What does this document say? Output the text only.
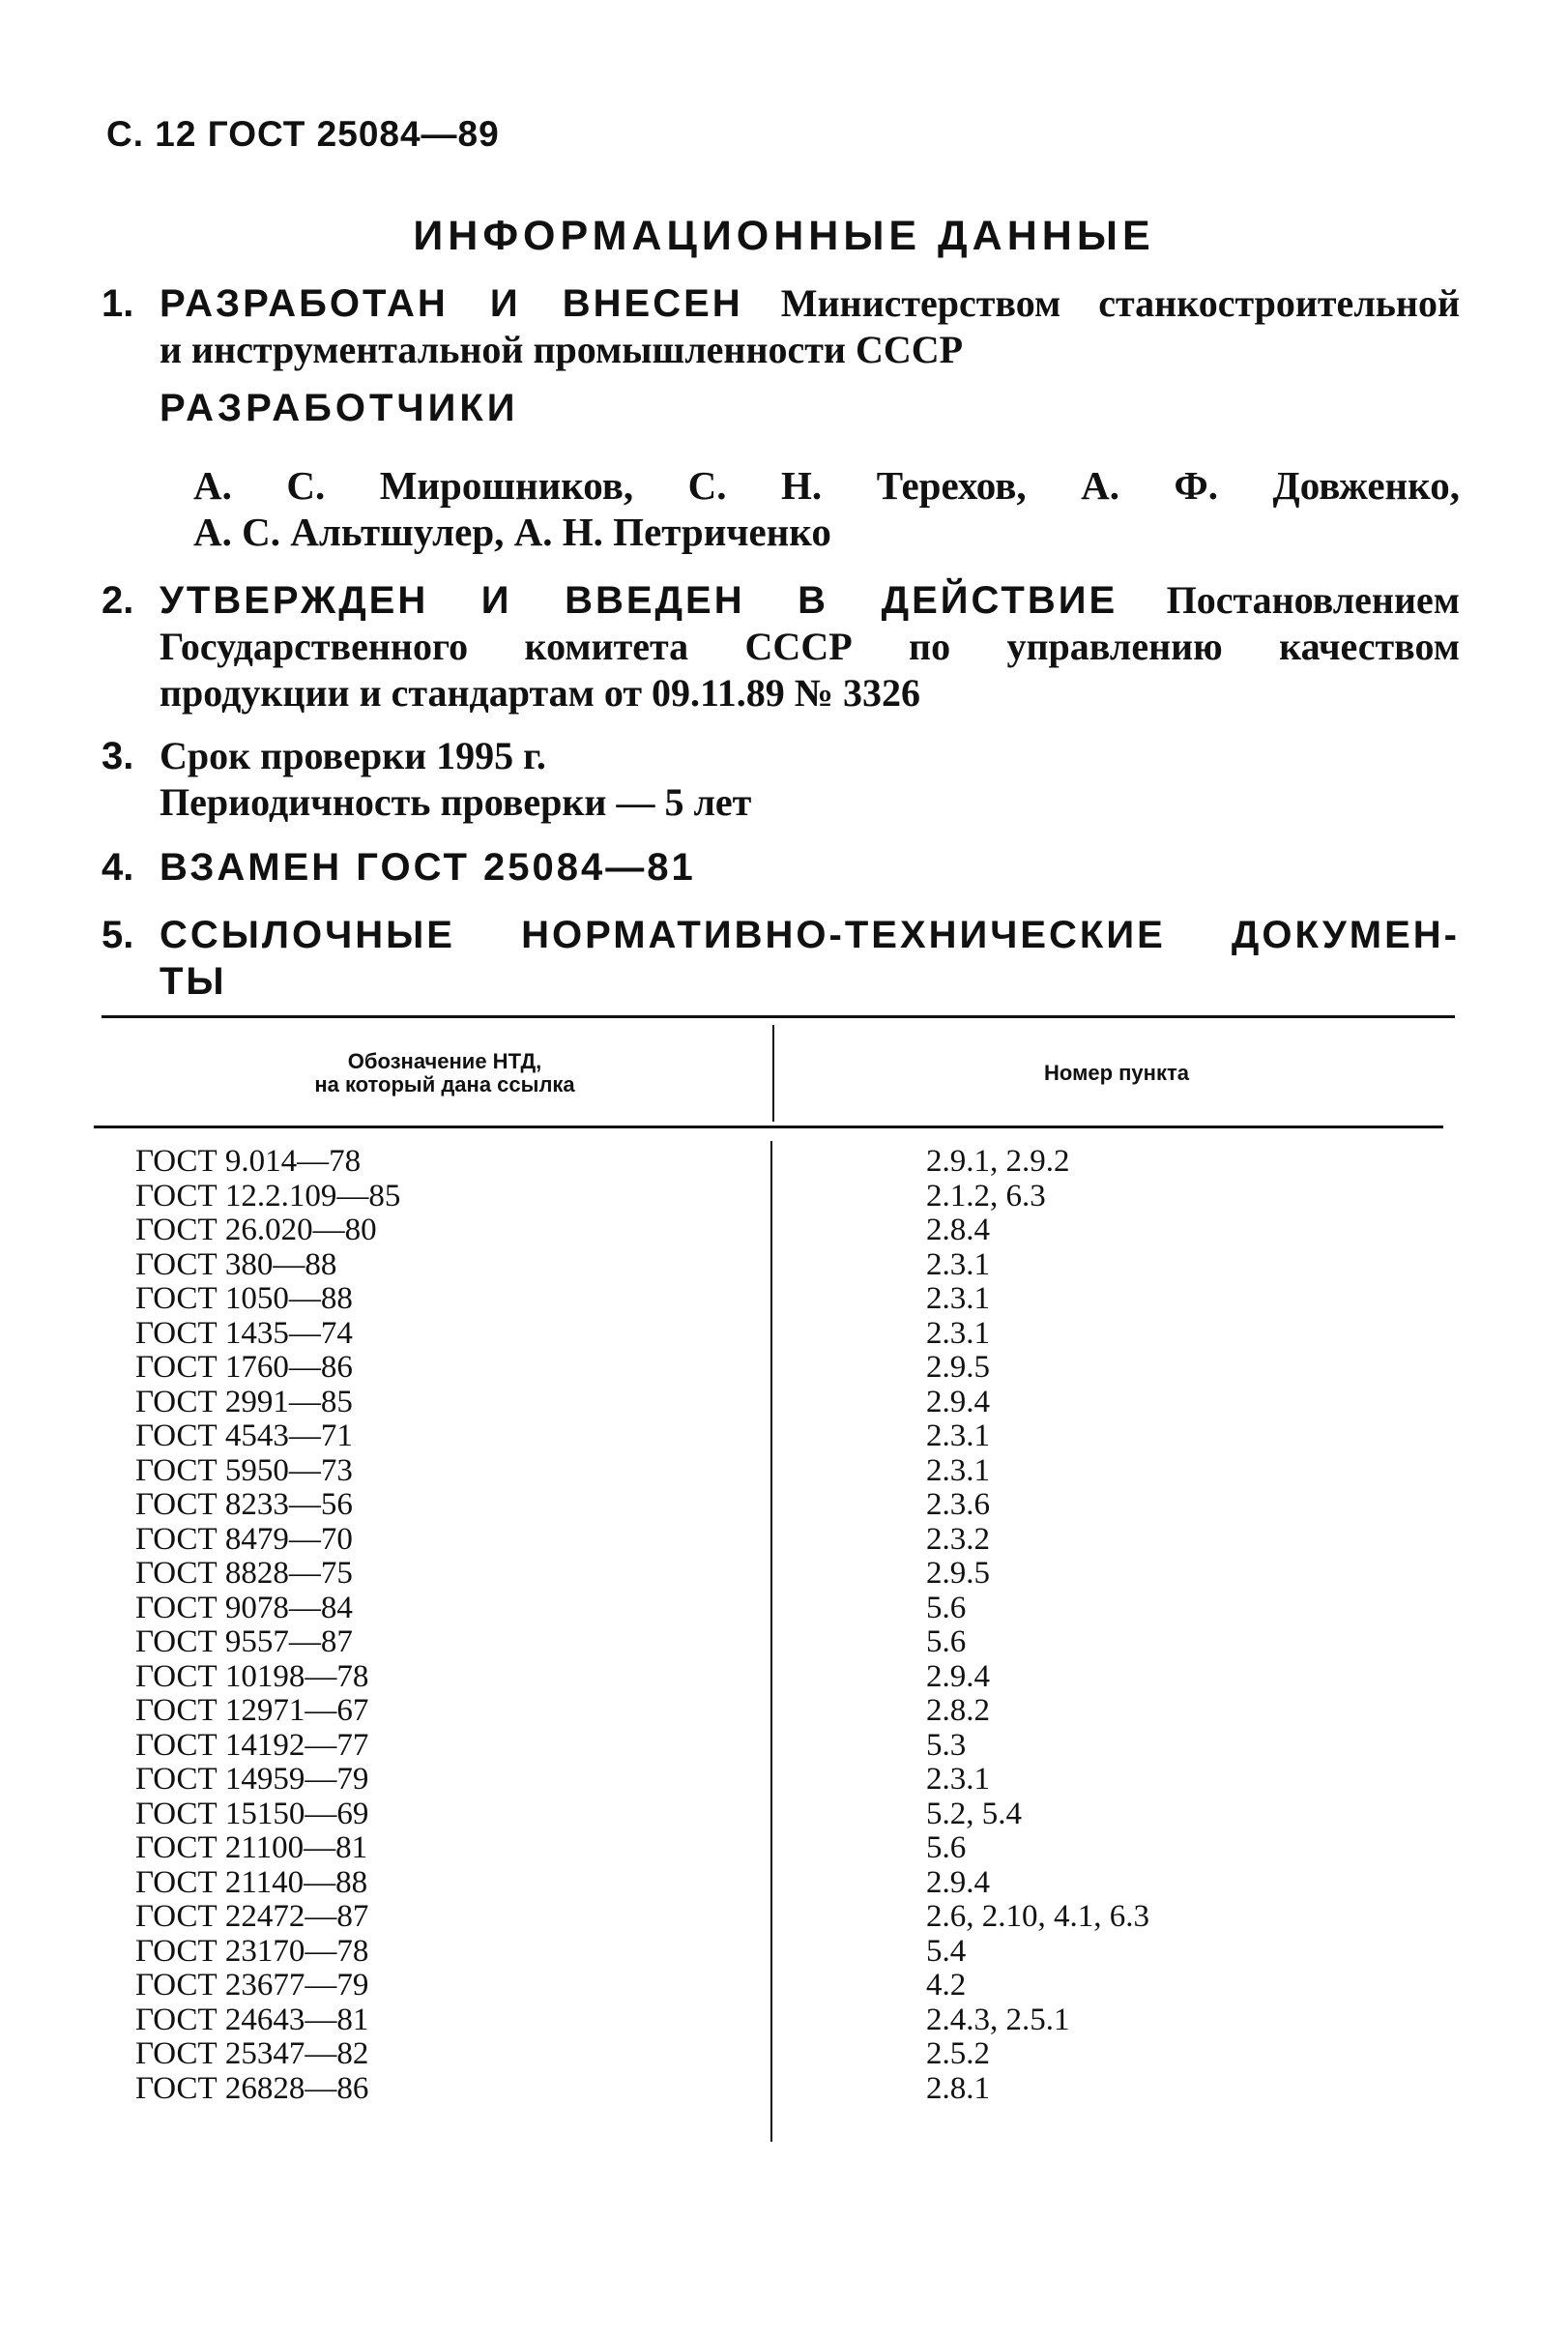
С. 12 ГОСТ 25084—89
ИНФОРМАЦИОННЫЕ ДАННЫЕ
1. РАЗРАБОТАН И ВНЕСЕН Министерством станкостроительной
и инструментальной промышленности СССР
РАЗРАБОТЧИКИ
А. С. Мирошников, С. Н. Терехов, А. Ф. Довженко,
А. С. Альтшулер, А. Н. Петриченко
2. УТВЕРЖДЕН И ВВЕДЕН В ДЕЙСТВИЕ Постановлением
Государственного комитета СССР по управлению качеством
продукции и стандартам от 09.11.89 № 3326
3. Срок проверки 1995 г.
Периодичность проверки — 5 лет
4. ВЗАМЕН ГОСТ 25084—81
5. ССЫЛОЧНЫЕ НОРМАТИВНО-ТЕХНИЧЕСКИЕ ДОКУМЕН-
ТЫ
Обозначение НТД,
на который дана ссылка	Номер пункта
ГОСТ 9.014—78	2.9.1, 2.9.2
ГОСТ 12.2.109—85	2.1.2, 6.3
ГОСТ 26.020—80	2.8.4
ГОСТ 380—88	2.3.1
ГОСТ 1050—88	2.3.1
ГОСТ 1435—74	2.3.1
ГОСТ 1760—86	2.9.5
ГОСТ 2991—85	2.9.4
ГОСТ 4543—71	2.3.1
ГОСТ 5950—73	2.3.1
ГОСТ 8233—56	2.3.6
ГОСТ 8479—70	2.3.2
ГОСТ 8828—75	2.9.5
ГОСТ 9078—84	5.6
ГОСТ 9557—87	5.6
ГОСТ 10198—78	2.9.4
ГОСТ 12971—67	2.8.2
ГОСТ 14192—77	5.3
ГОСТ 14959—79	2.3.1
ГОСТ 15150—69	5.2, 5.4
ГОСТ 21100—81	5.6
ГОСТ 21140—88	2.9.4
ГОСТ 22472—87	2.6, 2.10, 4.1, 6.3
ГОСТ 23170—78	5.4
ГОСТ 23677—79	4.2
ГОСТ 24643—81	2.4.3, 2.5.1
ГОСТ 25347—82	2.5.2
ГОСТ 26828—86	2.8.1
